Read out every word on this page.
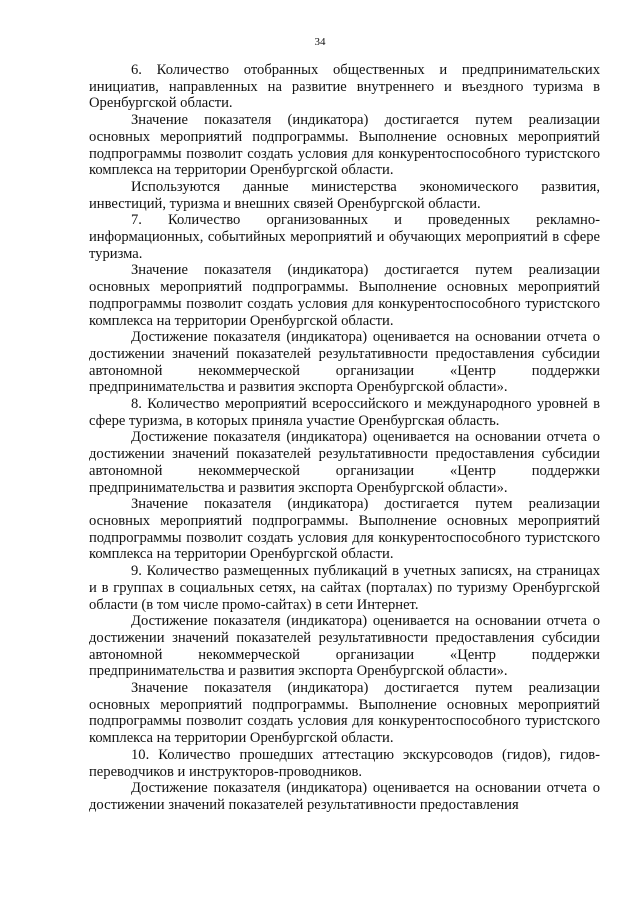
34

6. Количество отобранных общественных и предпринимательских инициатив, направленных на развитие внутреннего и въездного туризма в Оренбургской области.

Значение показателя (индикатора) достигается путем реализации основных мероприятий подпрограммы. Выполнение основных мероприятий подпрограммы позволит создать условия для конкурентоспособного туристского комплекса на территории Оренбургской области.

Используются данные министерства экономического развития, инвестиций, туризма и внешних связей Оренбургской области.

7. Количество организованных и проведенных рекламно-информационных, событийных мероприятий и обучающих мероприятий в сфере туризма.

Значение показателя (индикатора) достигается путем реализации основных мероприятий подпрограммы. Выполнение основных мероприятий подпрограммы позволит создать условия для конкурентоспособного туристского комплекса на территории Оренбургской области.

Достижение показателя (индикатора) оценивается на основании отчета о достижении значений показателей результативности предоставления субсидии автономной некоммерческой организации «Центр поддержки предпринимательства и развития экспорта Оренбургской области».

8. Количество мероприятий всероссийского и международного уровней в сфере туризма, в которых приняла участие Оренбургская область.

Достижение показателя (индикатора) оценивается на основании отчета о достижении значений показателей результативности предоставления субсидии автономной некоммерческой организации «Центр поддержки предпринимательства и развития экспорта Оренбургской области».

Значение показателя (индикатора) достигается путем реализации основных мероприятий подпрограммы. Выполнение основных мероприятий подпрограммы позволит создать условия для конкурентоспособного туристского комплекса на территории Оренбургской области.

9. Количество размещенных публикаций в учетных записях, на страницах и в группах в социальных сетях, на сайтах (порталах) по туризму Оренбургской области (в том числе промо-сайтах) в сети Интернет.

Достижение показателя (индикатора) оценивается на основании отчета о достижении значений показателей результативности предоставления субсидии автономной некоммерческой организации «Центр поддержки предпринимательства и развития экспорта Оренбургской области».

Значение показателя (индикатора) достигается путем реализации основных мероприятий подпрограммы. Выполнение основных мероприятий подпрограммы позволит создать условия для конкурентоспособного туристского комплекса на территории Оренбургской области.

10. Количество прошедших аттестацию экскурсоводов (гидов), гидов-переводчиков и инструкторов-проводников.

Достижение показателя (индикатора) оценивается на основании отчета о достижении значений показателей результативности предоставления
